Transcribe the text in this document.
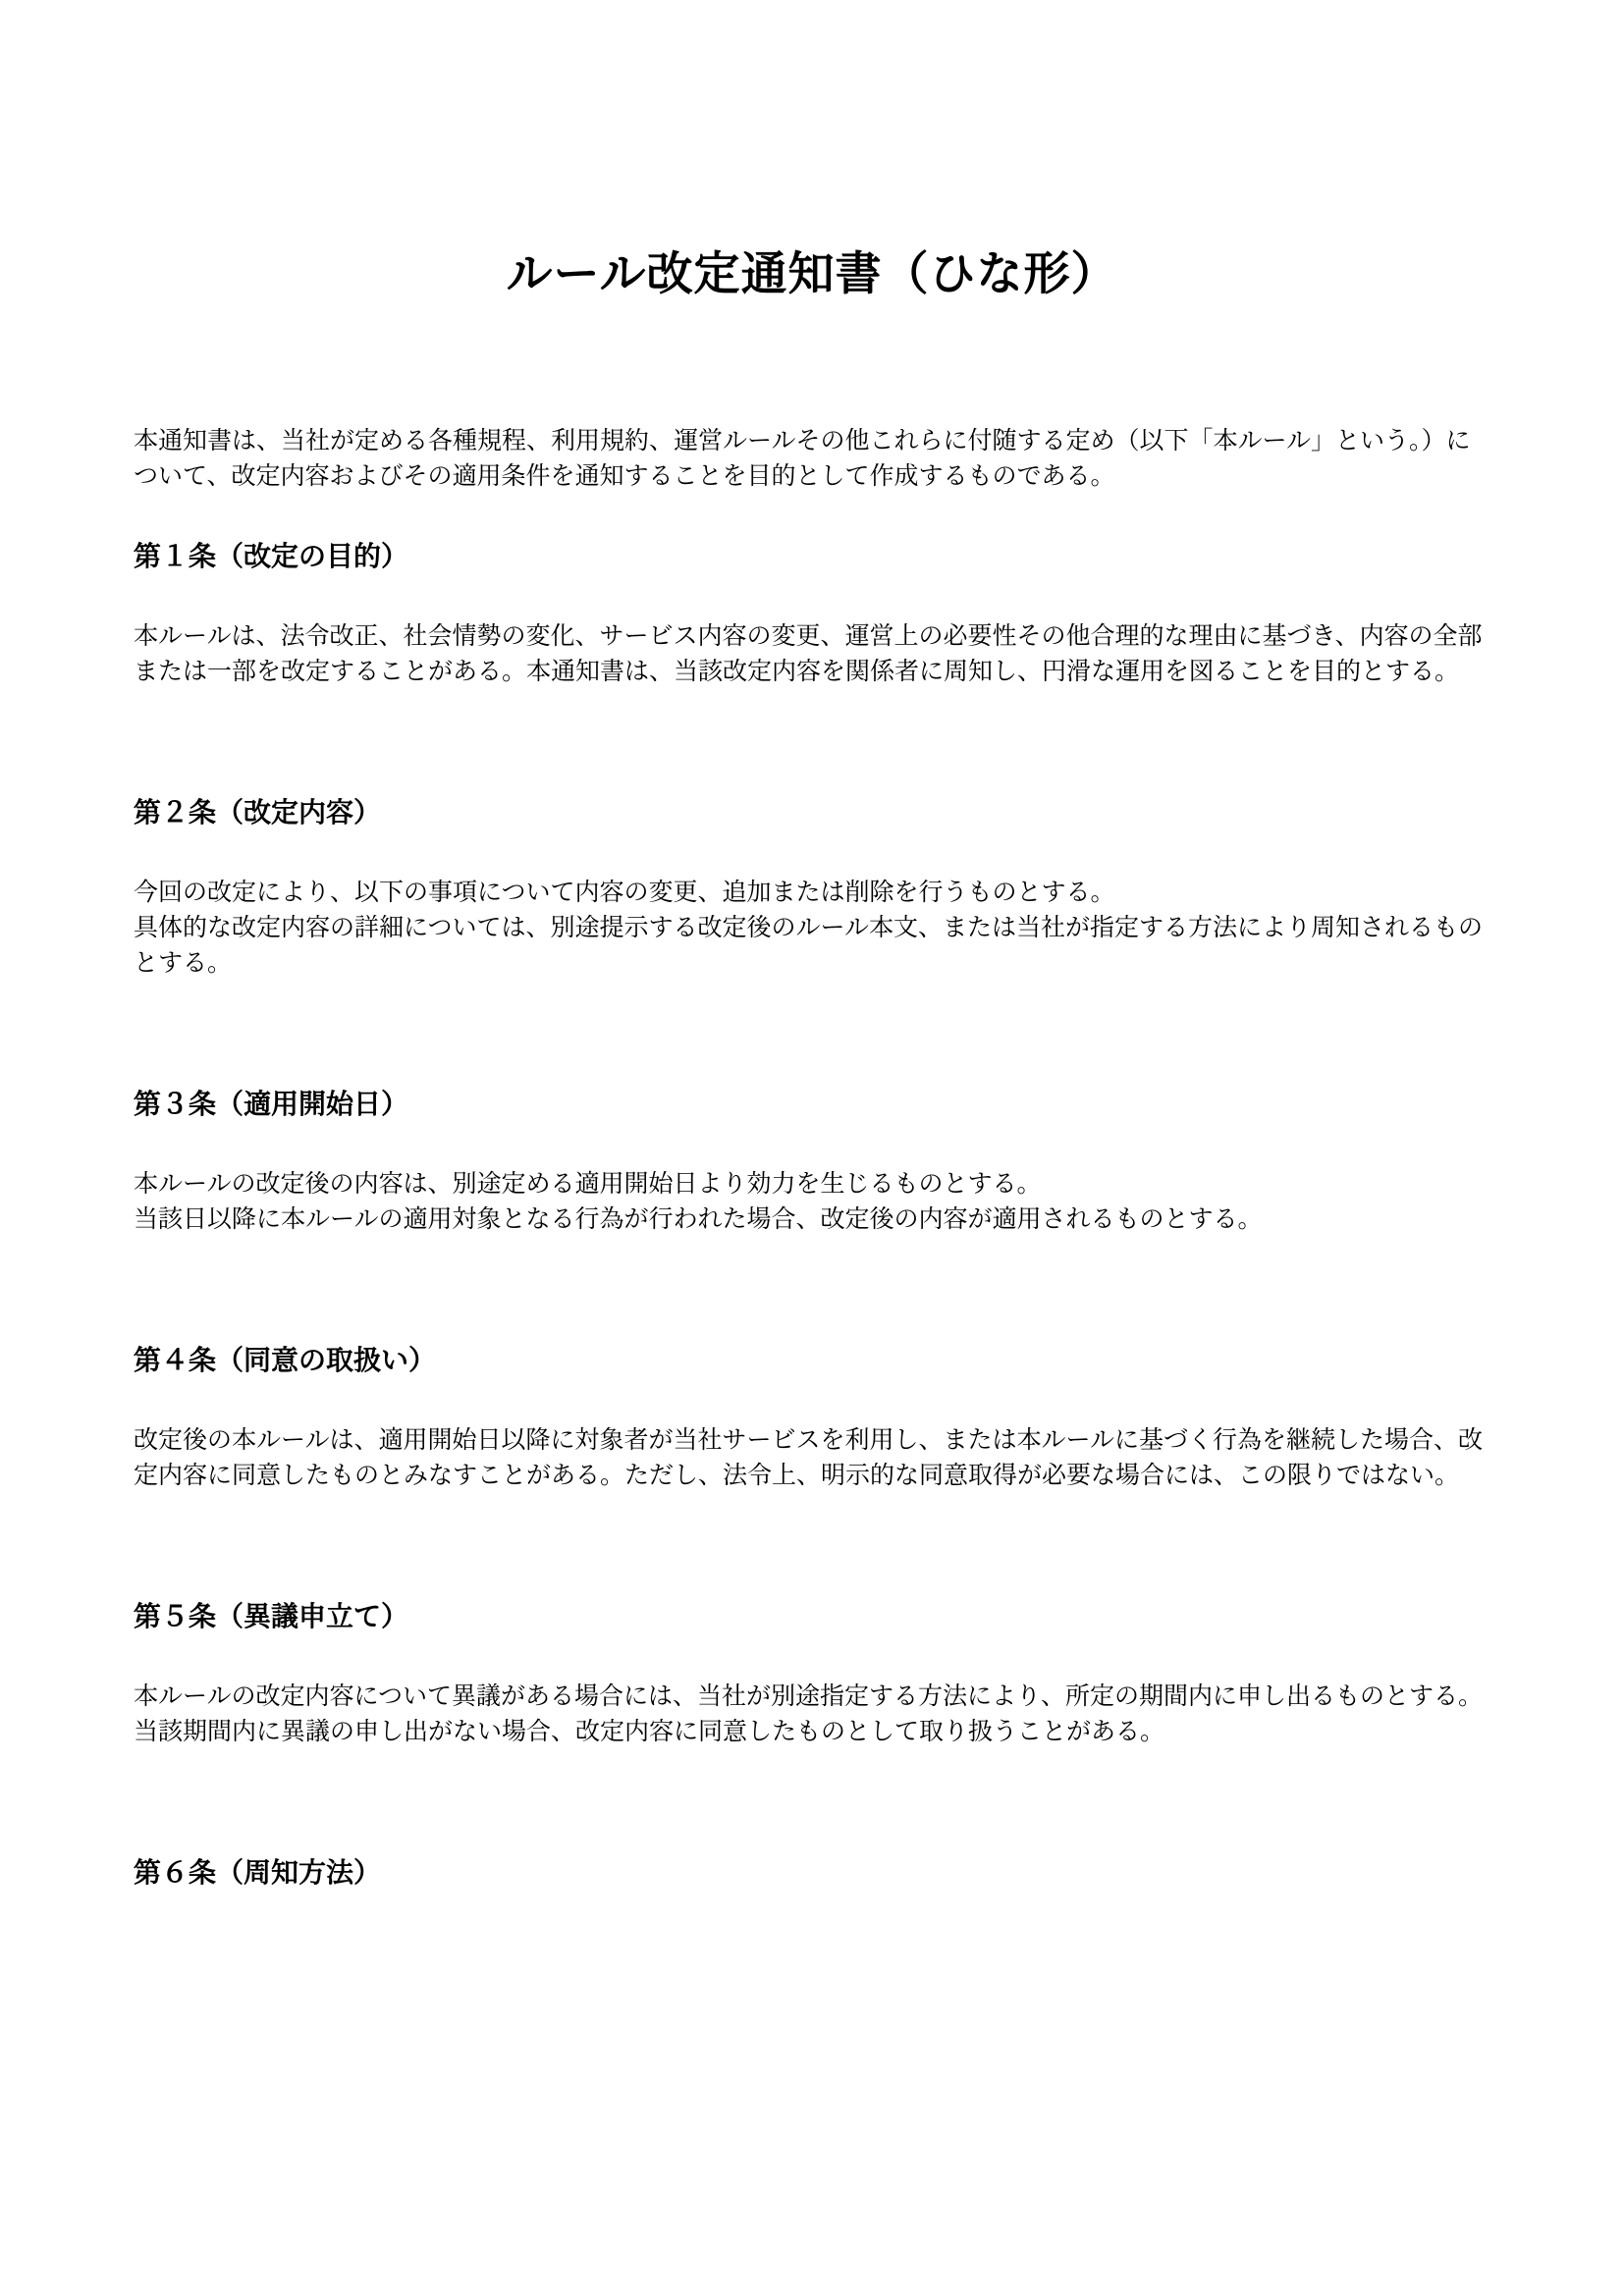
ルール改定通知書（ひな形）

本通知書は、当社が定める各種規程、利用規約、運営ルールその他これらに付随する定め（以下「本ルール」という。）について、改定内容およびその適用条件を通知することを目的として作成するものである。

第１条（改定の目的）

本ルールは、法令改正、社会情勢の変化、サービス内容の変更、運営上の必要性その他合理的な理由に基づき、内容の全部または一部を改定することがある。本通知書は、当該改定内容を関係者に周知し、円滑な運用を図ることを目的とする。

第２条（改定内容）

今回の改定により、以下の事項について内容の変更、追加または削除を行うものとする。

具体的な改定内容の詳細については、別途提示する改定後のルール本文、または当社が指定する方法により周知されるものとする。

第３条（適用開始日）

本ルールの改定後の内容は、別途定める適用開始日より効力を生じるものとする。

当該日以降に本ルールの適用対象となる行為が行われた場合、改定後の内容が適用されるものとする。

第４条（同意の取扱い）

改定後の本ルールは、適用開始日以降に対象者が当社サービスを利用し、または本ルールに基づく行為を継続した場合、改定内容に同意したものとみなすことがある。ただし、法令上、明示的な同意取得が必要な場合には、この限りではない。

第５条（異議申立て）

本ルールの改定内容について異議がある場合には、当社が別途指定する方法により、所定の期間内に申し出るものとする。

当該期間内に異議の申し出がない場合、改定内容に同意したものとして取り扱うことがある。

第６条（周知方法）
